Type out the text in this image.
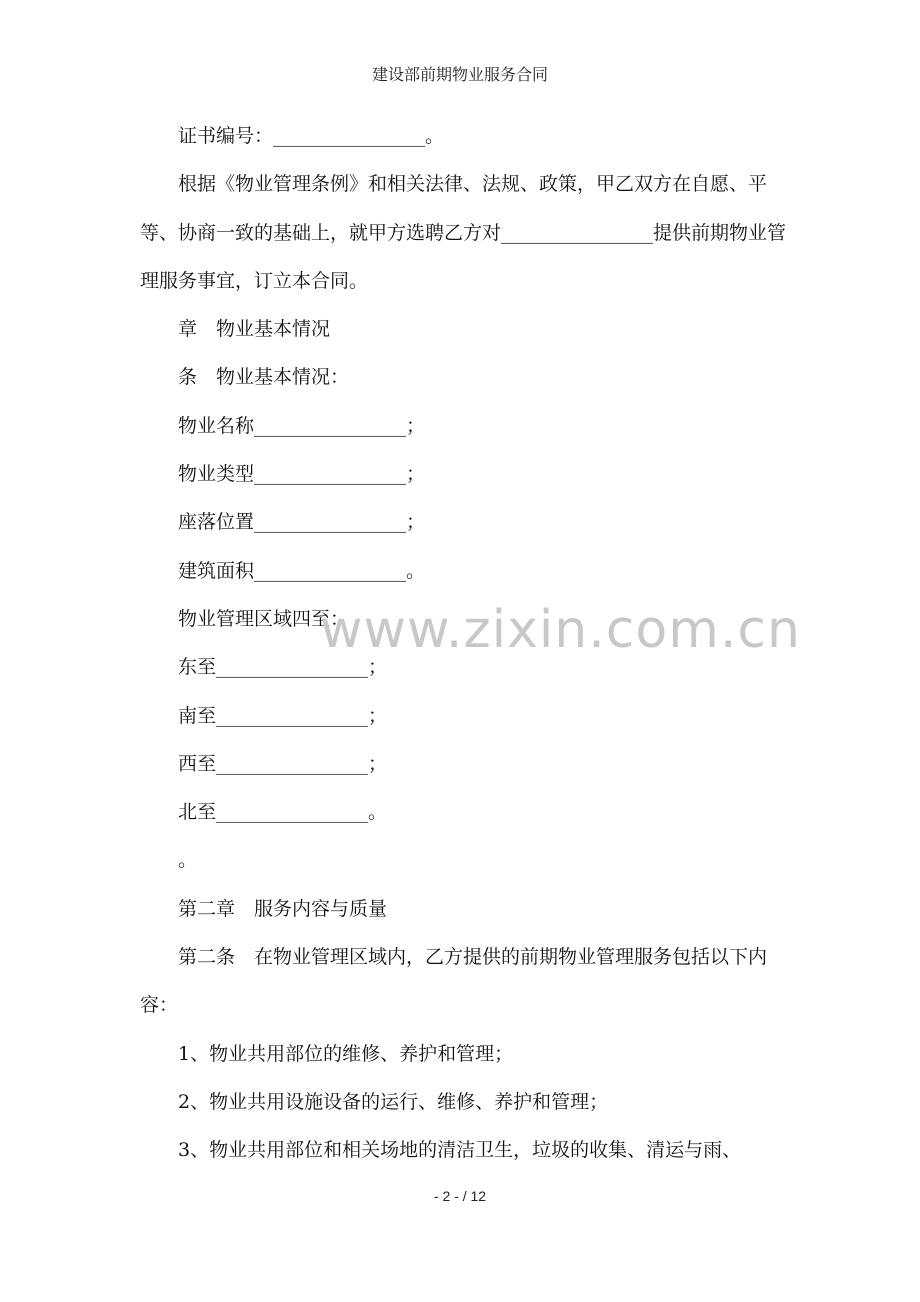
建设部前期物业服务合同

证书编号：________________。

根据《物业管理条例》和相关法律、法规、政策，甲乙双方在自愿、平等、协商一致的基础上，就甲方选聘乙方对________________提供前期物业管理服务事宜，订立本合同。

章　物业基本情况

条　物业基本情况：

物业名称________________；

物业类型________________；

座落位置________________；

建筑面积________________。

物业管理区域四至：

东至________________；

南至________________；

西至________________；

北至________________。

。

第二章　服务内容与质量

第二条　在物业管理区域内，乙方提供的前期物业管理服务包括以下内容：

1、物业共用部位的维修、养护和管理；

2、物业共用设施设备的运行、维修、养护和管理；

3、物业共用部位和相关场地的清洁卫生，垃圾的收集、清运与雨、

www.zixin.com.cn
- 2 - / 12
